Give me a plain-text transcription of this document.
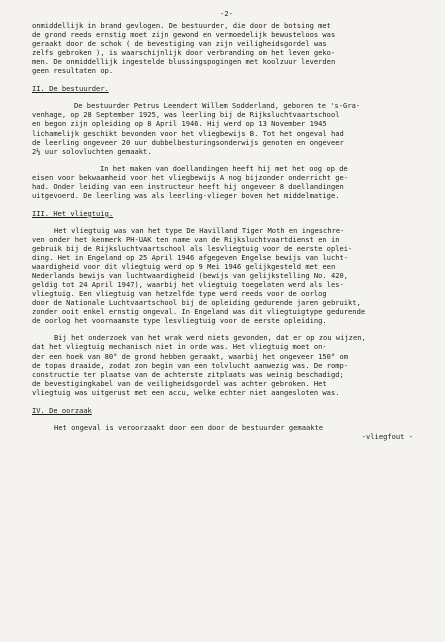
-2-
onmiddellijk in brand gevlogen. De bestuurder, die door de botsing met
de grond reeds ernstig moet zijn gewond en vermoedelijk bewusteloos was
geraakt door de schok ( de bevestiging van zijn veiligheidsgordel was
zelfs gebroken ), is waarschijnlijk door verbranding om het leven geko-
men. De onmiddellijk ingestelde blussingspogingen met koolzuur leverden
geen resultaten op.
II. De bestuurder.
De bestuurder Petrus Leendert Willem Sodderland, geboren te 's-Gra-
venhage, op 28 September 1925, was leerling bij de Rijksluchtvaartschool
en begon zijn opleiding op 8 April 1946. Hij werd op 13 November 1945
lichamelijk geschikt bevonden voor het vliegbewijs B. Tot het ongeval had
de leerling ongeveer 20 uur dubbelbesturingsonderwijs genoten en ongeveer
2½ uur solovluchten gemaakt.
In het maken van doellandingen heeft hij met het oog op de
eisen voor bekwaamheid voor het vliegbewijs A nog bijzonder onderricht ge-
had. Onder leiding van een instructeur heeft hij ongeveer 8 doellandingen
uitgevoerd. De leerling was als leerling-vlieger boven het middelmatige.
III. Het vliegtuig.
Het vliegtuig was van het type De Havilland Tiger Moth en ingeschre-
ven onder het kenmerk PH-UAK ten name van de Rijksluchtvaartdienst en in
gebruik bij de Rijksluchtvaartschool als lesvliegtuig voor de eerste oplei-
ding. Het in Engeland op 25 April 1946 afgegeven Engelse bewijs van lucht-
waardigheid voor dit vliegtuig werd op 9 Mei 1946 gelijkgesteld met een
Nederlands bewijs van luchtwaardigheid (bewijs van gelijkstelling No. 420,
geldig tot 24 April 1947), waarbij het vliegtuig toegelaten werd als les-
vliegtuig. Een vliegtuig van hetzelfde type werd reeds voor de oorlog
door de Nationale Luchtvaartschool bij de opleiding gedurende jaren gebruikt,
zonder ooit enkel ernstig ongeval. In Engeland was dit vliegtuigtype gedurende
de oorlog het voornaamste type lesvliegtuig voor de eerste opleiding.
Bij het onderzoek van het wrak werd niets gevonden, dat er op zou wijzen,
dat het vliegtuig mechanisch niet in orde was. Het vliegtuig moet on-
der een hoek van 80° de grond hebben geraakt, waarbij het ongeveer 150° om
de topas draaide, zodat zon begin van een tolvlucht aanwezig was. De romp-
constructie ter plaatse van de achterste zitplaats was weinig beschadigd;
de bevestigingkabel van de veiligheidsgordel was achter gebroken. Het
vliegtuig was uitgerust met een accu, welke echter niet aangesloten was.
IV. De oorzaak
Het ongeval is veroorzaakt door een door de bestuurder gemaakte
-vliegfout -
